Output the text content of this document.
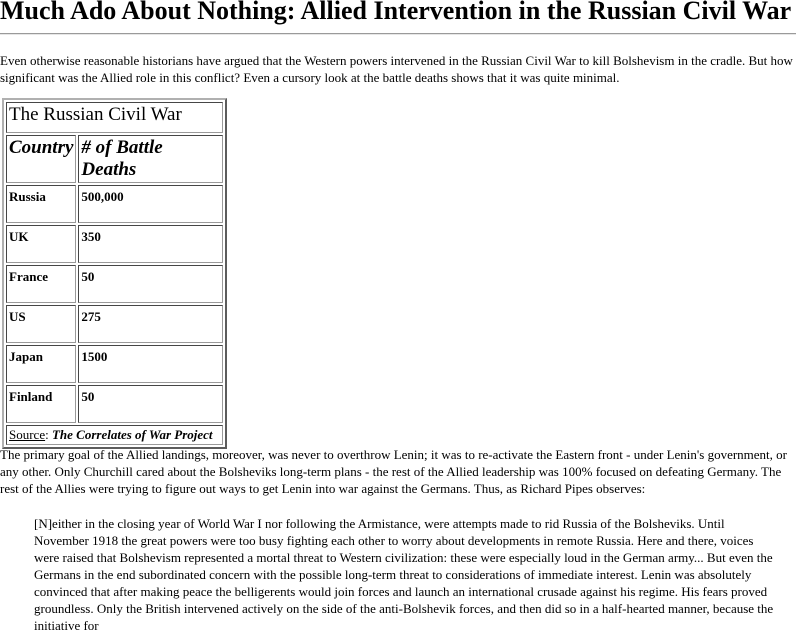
Much Ado About Nothing: Allied Intervention in the Russian Civil War

Even otherwise reasonable historians have argued that the Western powers intervened in the Russian Civil War to kill Bolshevism in the cradle. But how significant was the Allied role in this conflict? Even a cursory look at the battle deaths shows that it was quite minimal.

The Russian Civil War	
Country	# of Battle Deaths
Russia	500,000
UK	350
France	50
US	275
Japan	1500
Finland	50
Source: The Correlates of War Project	

The primary goal of the Allied landings, moreover, was never to overthrow Lenin; it was to re-activate the Eastern front - under Lenin's government, or any other. Only Churchill cared about the Bolsheviks long-term plans - the rest of the Allied leadership was 100% focused on defeating Germany. The rest of the Allies were trying to figure out ways to get Lenin into war against the Germans. Thus, as Richard Pipes observes:

[N]either in the closing year of World War I nor following the Armistance, were attempts made to rid Russia of the Bolsheviks. Until November 1918 the great powers were too busy fighting each other to worry about developments in remote Russia. Here and there, voices were raised that Bolshevism represented a mortal threat to Western civilization: these were especially loud in the German army... But even the Germans in the end subordinated concern with the possible long-term threat to considerations of immediate interest. Lenin was absolutely convinced that after making peace the belligerents would join forces and launch an international crusade against his regime. His fears proved groundless. Only the British intervened actively on the side of the anti-Bolshevik forces, and then did so in a half-hearted manner, because the initiative for
